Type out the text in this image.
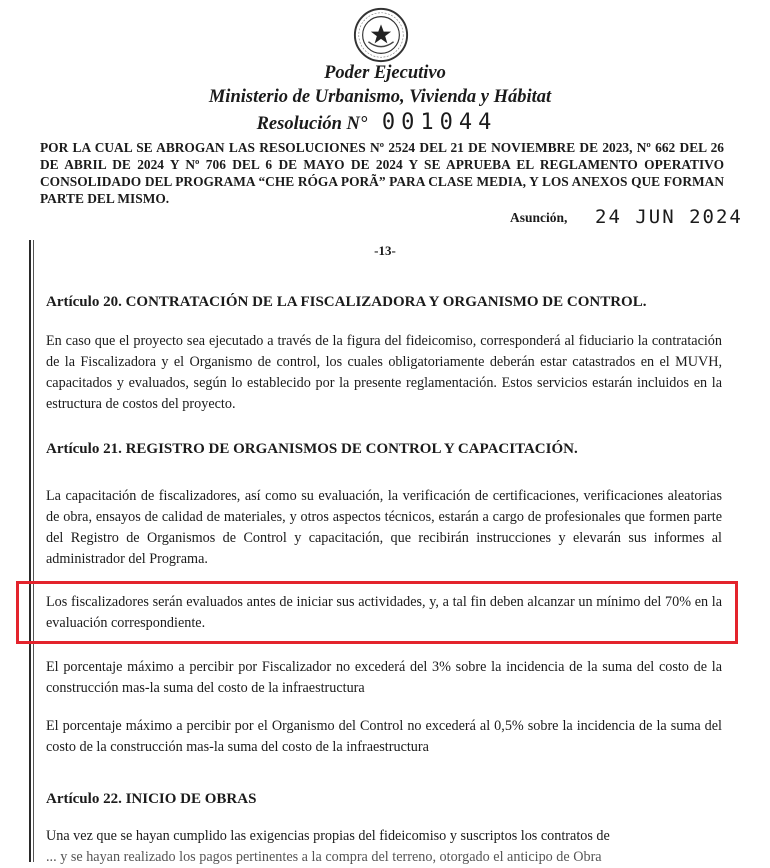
Poder Ejecutivo
Ministerio de Urbanismo, Vivienda y Hábitat
Resolución N° 001044
POR LA CUAL SE ABROGAN LAS RESOLUCIONES Nº 2524 DEL 21 DE NOVIEMBRE DE 2023, Nº 662 DEL 26 DE ABRIL DE 2024 Y Nº 706 DEL 6 DE MAYO DE 2024 Y SE APRUEBA EL REGLAMENTO OPERATIVO CONSOLIDADO DEL PROGRAMA “CHE RÓGA PORÃ” PARA CLASE MEDIA, Y LOS ANEXOS QUE FORMAN PARTE DEL MISMO.
Asunción, 24 JUN 2024
-13-
Artículo 20. CONTRATACIÓN DE LA FISCALIZADORA Y ORGANISMO DE CONTROL.

En caso que el proyecto sea ejecutado a través de la figura del fideicomiso, corresponderá al fiduciario la contratación de la Fiscalizadora y el Organismo de control, los cuales obligatoriamente deberán estar catastrados en el MUVH, capacitados y evaluados, según lo establecido por la presente reglamentación. Estos servicios estarán incluidos en la estructura de costos del proyecto.

Artículo 21. REGISTRO DE ORGANISMOS DE CONTROL Y CAPACITACIÓN.

La capacitación de fiscalizadores, así como su evaluación, la verificación de certificaciones, verificaciones aleatorias de obra, ensayos de calidad de materiales, y otros aspectos técnicos, estarán a cargo de profesionales que formen parte del Registro de Organismos de Control y capacitación, que recibirán instrucciones y elevarán sus informes al administrador del Programa.

Los fiscalizadores serán evaluados antes de iniciar sus actividades, y, a tal fin deben alcanzar un mínimo del 70% en la evaluación correspondiente.

El porcentaje máximo a percibir por Fiscalizador no excederá del 3% sobre la incidencia de la suma del costo de la construcción mas-la suma del costo de la infraestructura

El porcentaje máximo a percibir por el Organismo del Control no excederá al 0,5% sobre la incidencia de la suma del costo de la construcción mas-la suma del costo de la infraestructura

Artículo 22. INICIO DE OBRAS

Una vez que se hayan cumplido las exigencias propias del fideicomiso y suscriptos los contratos de

... y se hayan realizado los pagos pertinentes a la compra del terreno, otorgado el anticipo de Obra
